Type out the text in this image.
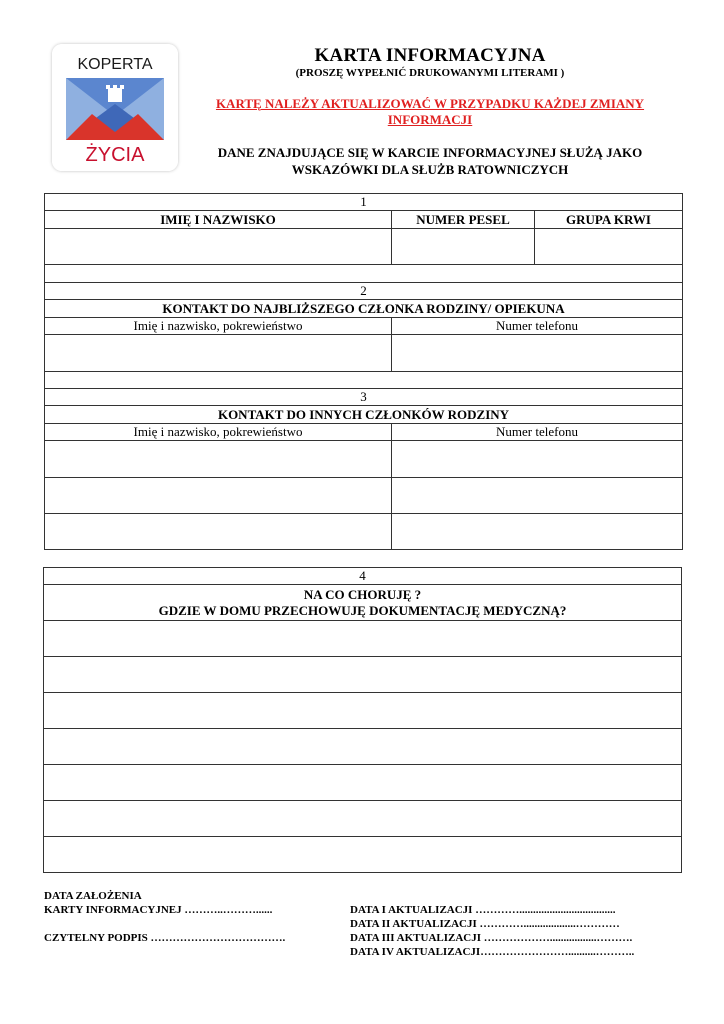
KOPERTA
ŻYCIA
KARTA INFORMACYJNA
(PROSZĘ WYPEŁNIĆ DRUKOWANYMI LITERAMI )
KARTĘ NALEŻY AKTUALIZOWAĆ W PRZYPADKU KAŻDEJ ZMIANY
INFORMACJI
DANE ZNAJDUJĄCE SIĘ W KARCIE INFORMACYJNEJ SŁUŻĄ JAKO
WSKAZÓWKI DLA SŁUŻB RATOWNICZYCH
1		
IMIĘ I NAZWISKO	NUMER PESEL	GRUPA KRWI

2		
KONTAKT DO NAJBLIŻSZEGO CZŁONKA RODZINY/ OPIEKUNA		
Imię i nazwisko, pokrewieństwo	Numer telefonu	

3		
KONTAKT DO INNYCH CZŁONKÓW RODZINY		
Imię i nazwisko, pokrewieństwo	Numer telefonu	

4

NA CO CHORUJĘ ?
GDZIE W DOMU PRZECHOWUJĘ DOKUMENTACJĘ MEDYCZNĄ?

DATA ZAŁOŻENIA
KARTY INFORMACYJNEJ ………..………......
CZYTELNY PODPIS ……………………………….
DATA I AKTUALIZACJI …………...................................
DATA II AKTUALIZACJI …………...................…………
DATA III AKTUALIZACJI ……………….................……….
DATA IV AKTUALIZACJI……………………..........………..
